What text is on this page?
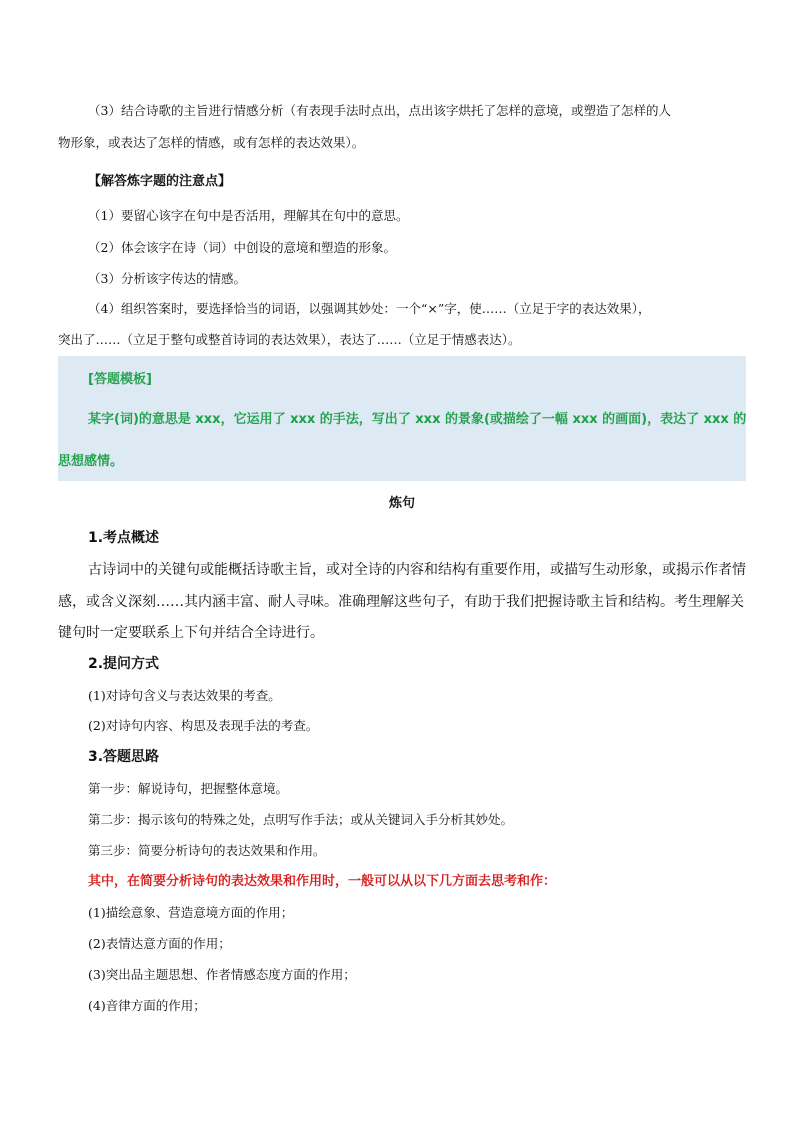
（3）结合诗歌的主旨进行情感分析（有表现手法时点出，点出该字烘托了怎样的意境，或塑造了怎样的人
物形象，或表达了怎样的情感，或有怎样的表达效果）。
【解答炼字题的注意点】
（1）要留心该字在句中是否活用，理解其在句中的意思。
（2）体会该字在诗（词）中创设的意境和塑造的形象。
（3）分析该字传达的情感。
（4）组织答案时，要选择恰当的词语，以强调其妙处：一个“×”字，使……（立足于字的表达效果），
突出了……（立足于整句或整首诗词的表达效果），表达了……（立足于情感表达）。
[答题模板]
某字(词)的意思是 xxx，它运用了 xxx 的手法，写出了 xxx 的景象(或描绘了一幅 xxx 的画面)，表达了 xxx 的
思想感情。
炼句
1.考点概述
古诗词中的关键句或能概括诗歌主旨，或对全诗的内容和结构有重要作用，或描写生动形象，或揭示作者情
感，或含义深刻……其内涵丰富、耐人寻味。准确理解这些句子，有助于我们把握诗歌主旨和结构。考生理解关
键句时一定要联系上下句并结合全诗进行。
2.提问方式
(1)对诗句含义与表达效果的考查。
(2)对诗句内容、构思及表现手法的考查。
3.答题思路
第一步：解说诗句，把握整体意境。
第二步：揭示该句的特殊之处，点明写作手法；或从关键词入手分析其妙处。
第三步：简要分析诗句的表达效果和作用。
其中，在简要分析诗句的表达效果和作用时，一般可以从以下几方面去思考和作：
(1)描绘意象、营造意境方面的作用；
(2)表情达意方面的作用；
(3)突出品主题思想、作者情感态度方面的作用；
(4)音律方面的作用；
